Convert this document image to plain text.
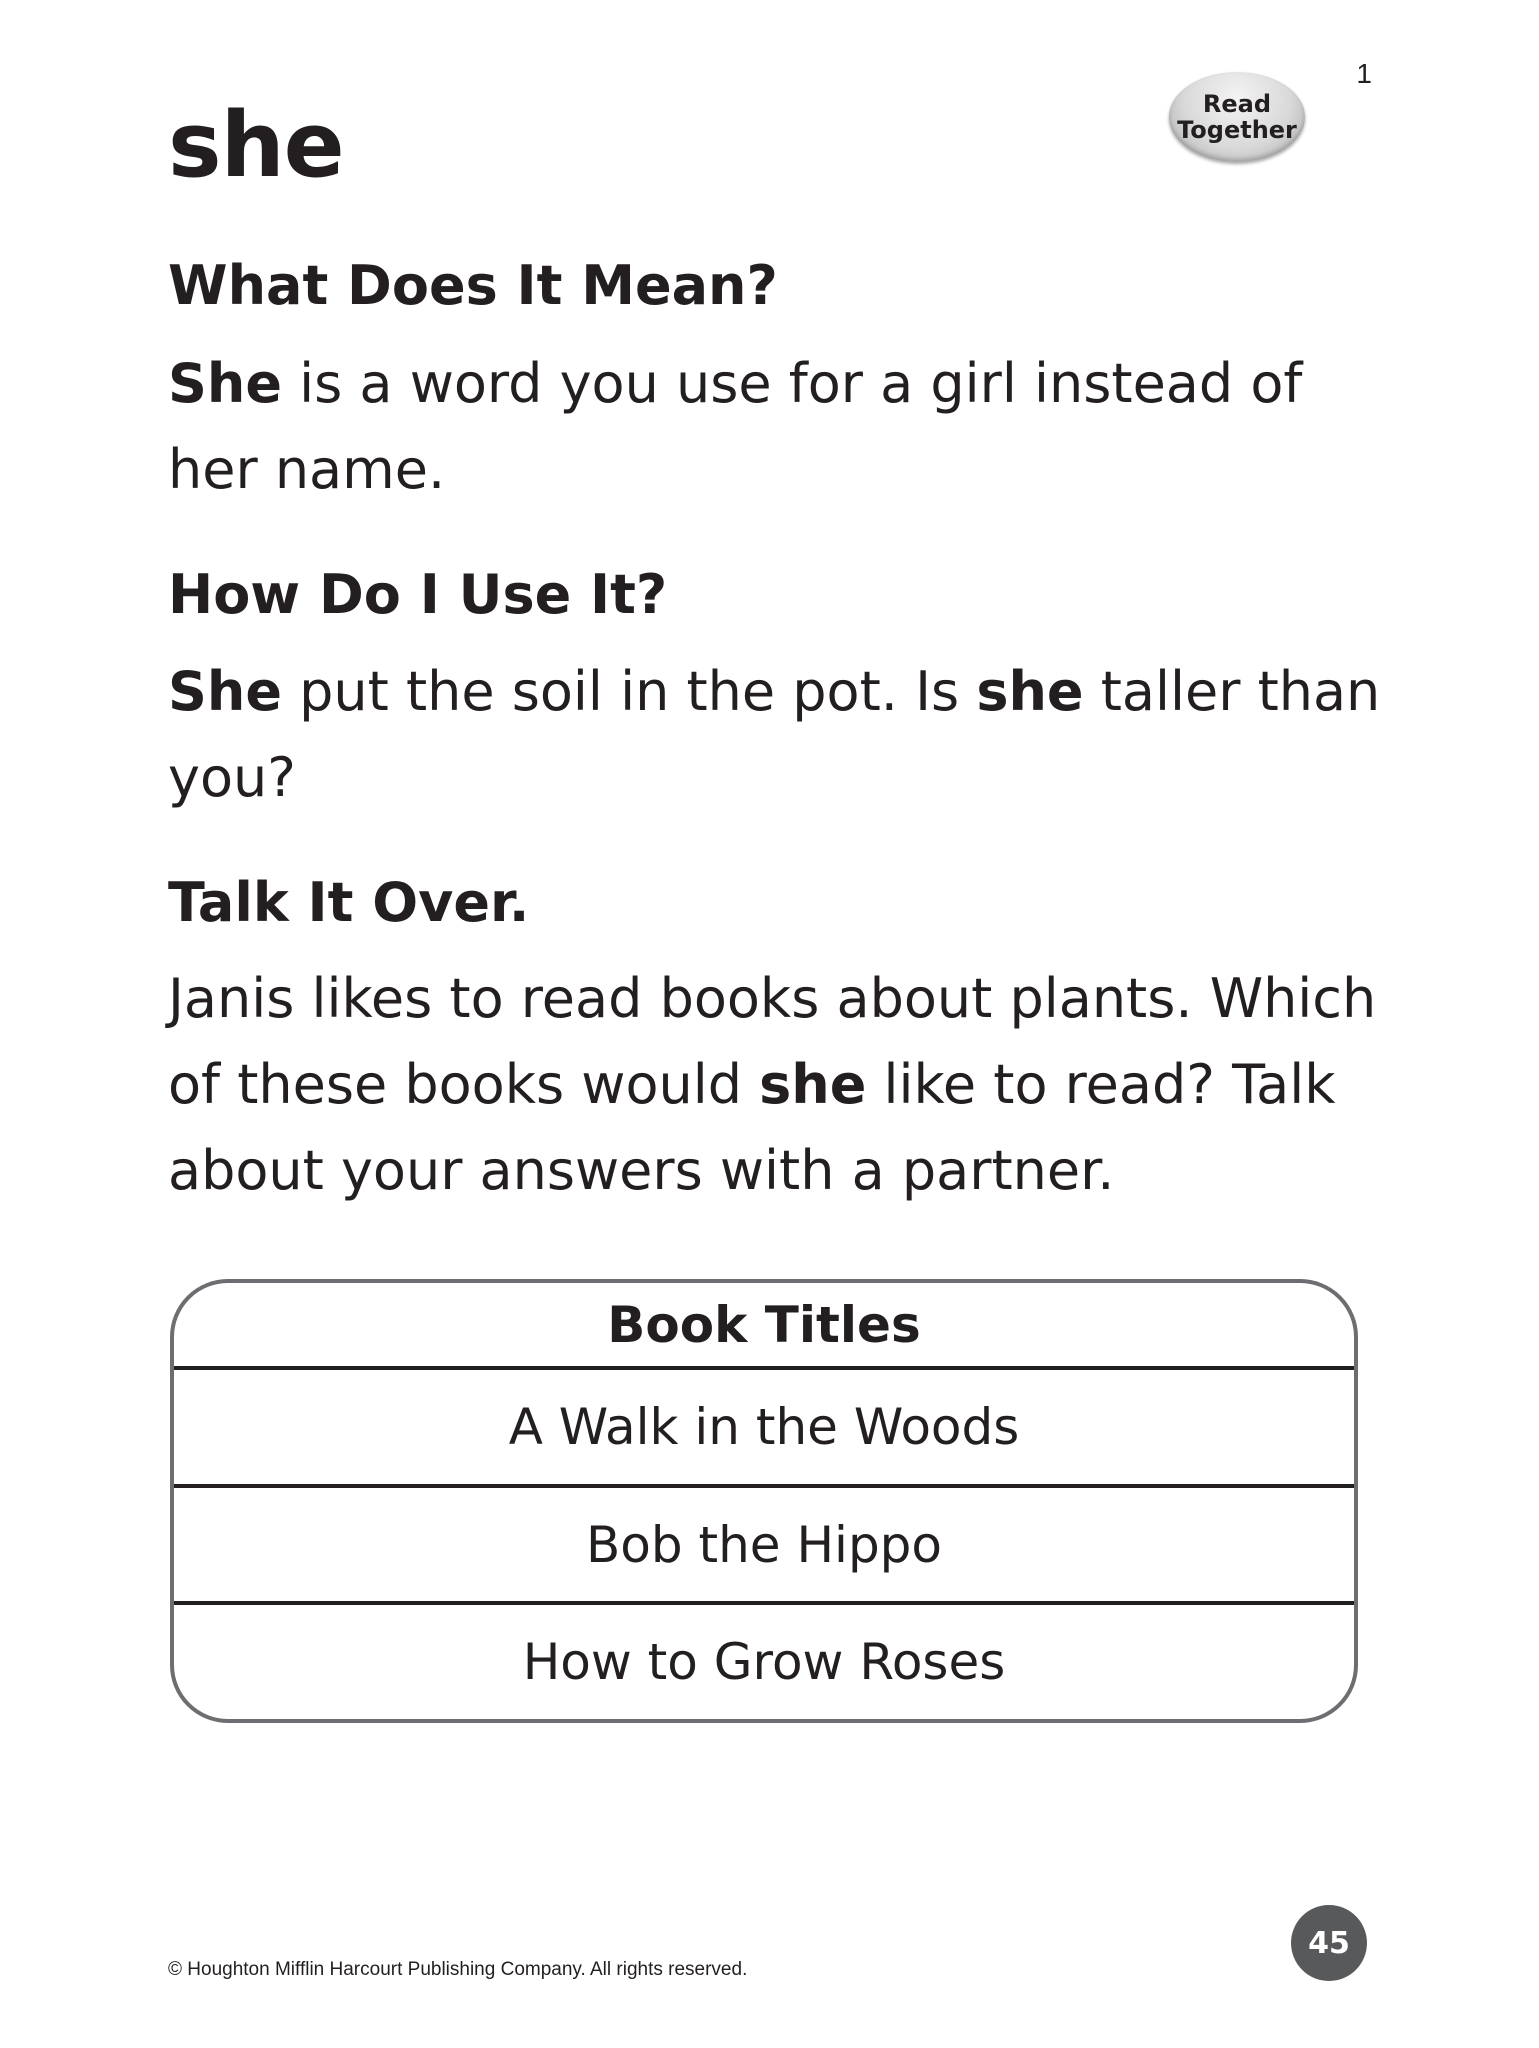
1
Read Together
she
What Does It Mean?

She is a word you use for a girl instead of her name.

How Do I Use It?

She put the soil in the pot. Is she taller than you?

Talk It Over.

Janis likes to read books about plants. Which of these books would she like to read? Talk about your answers with a partner.

Book Titles
A Walk in the Woods
Bob the Hippo
How to Grow Roses
45
© Houghton Mifflin Harcourt Publishing Company. All rights reserved.
